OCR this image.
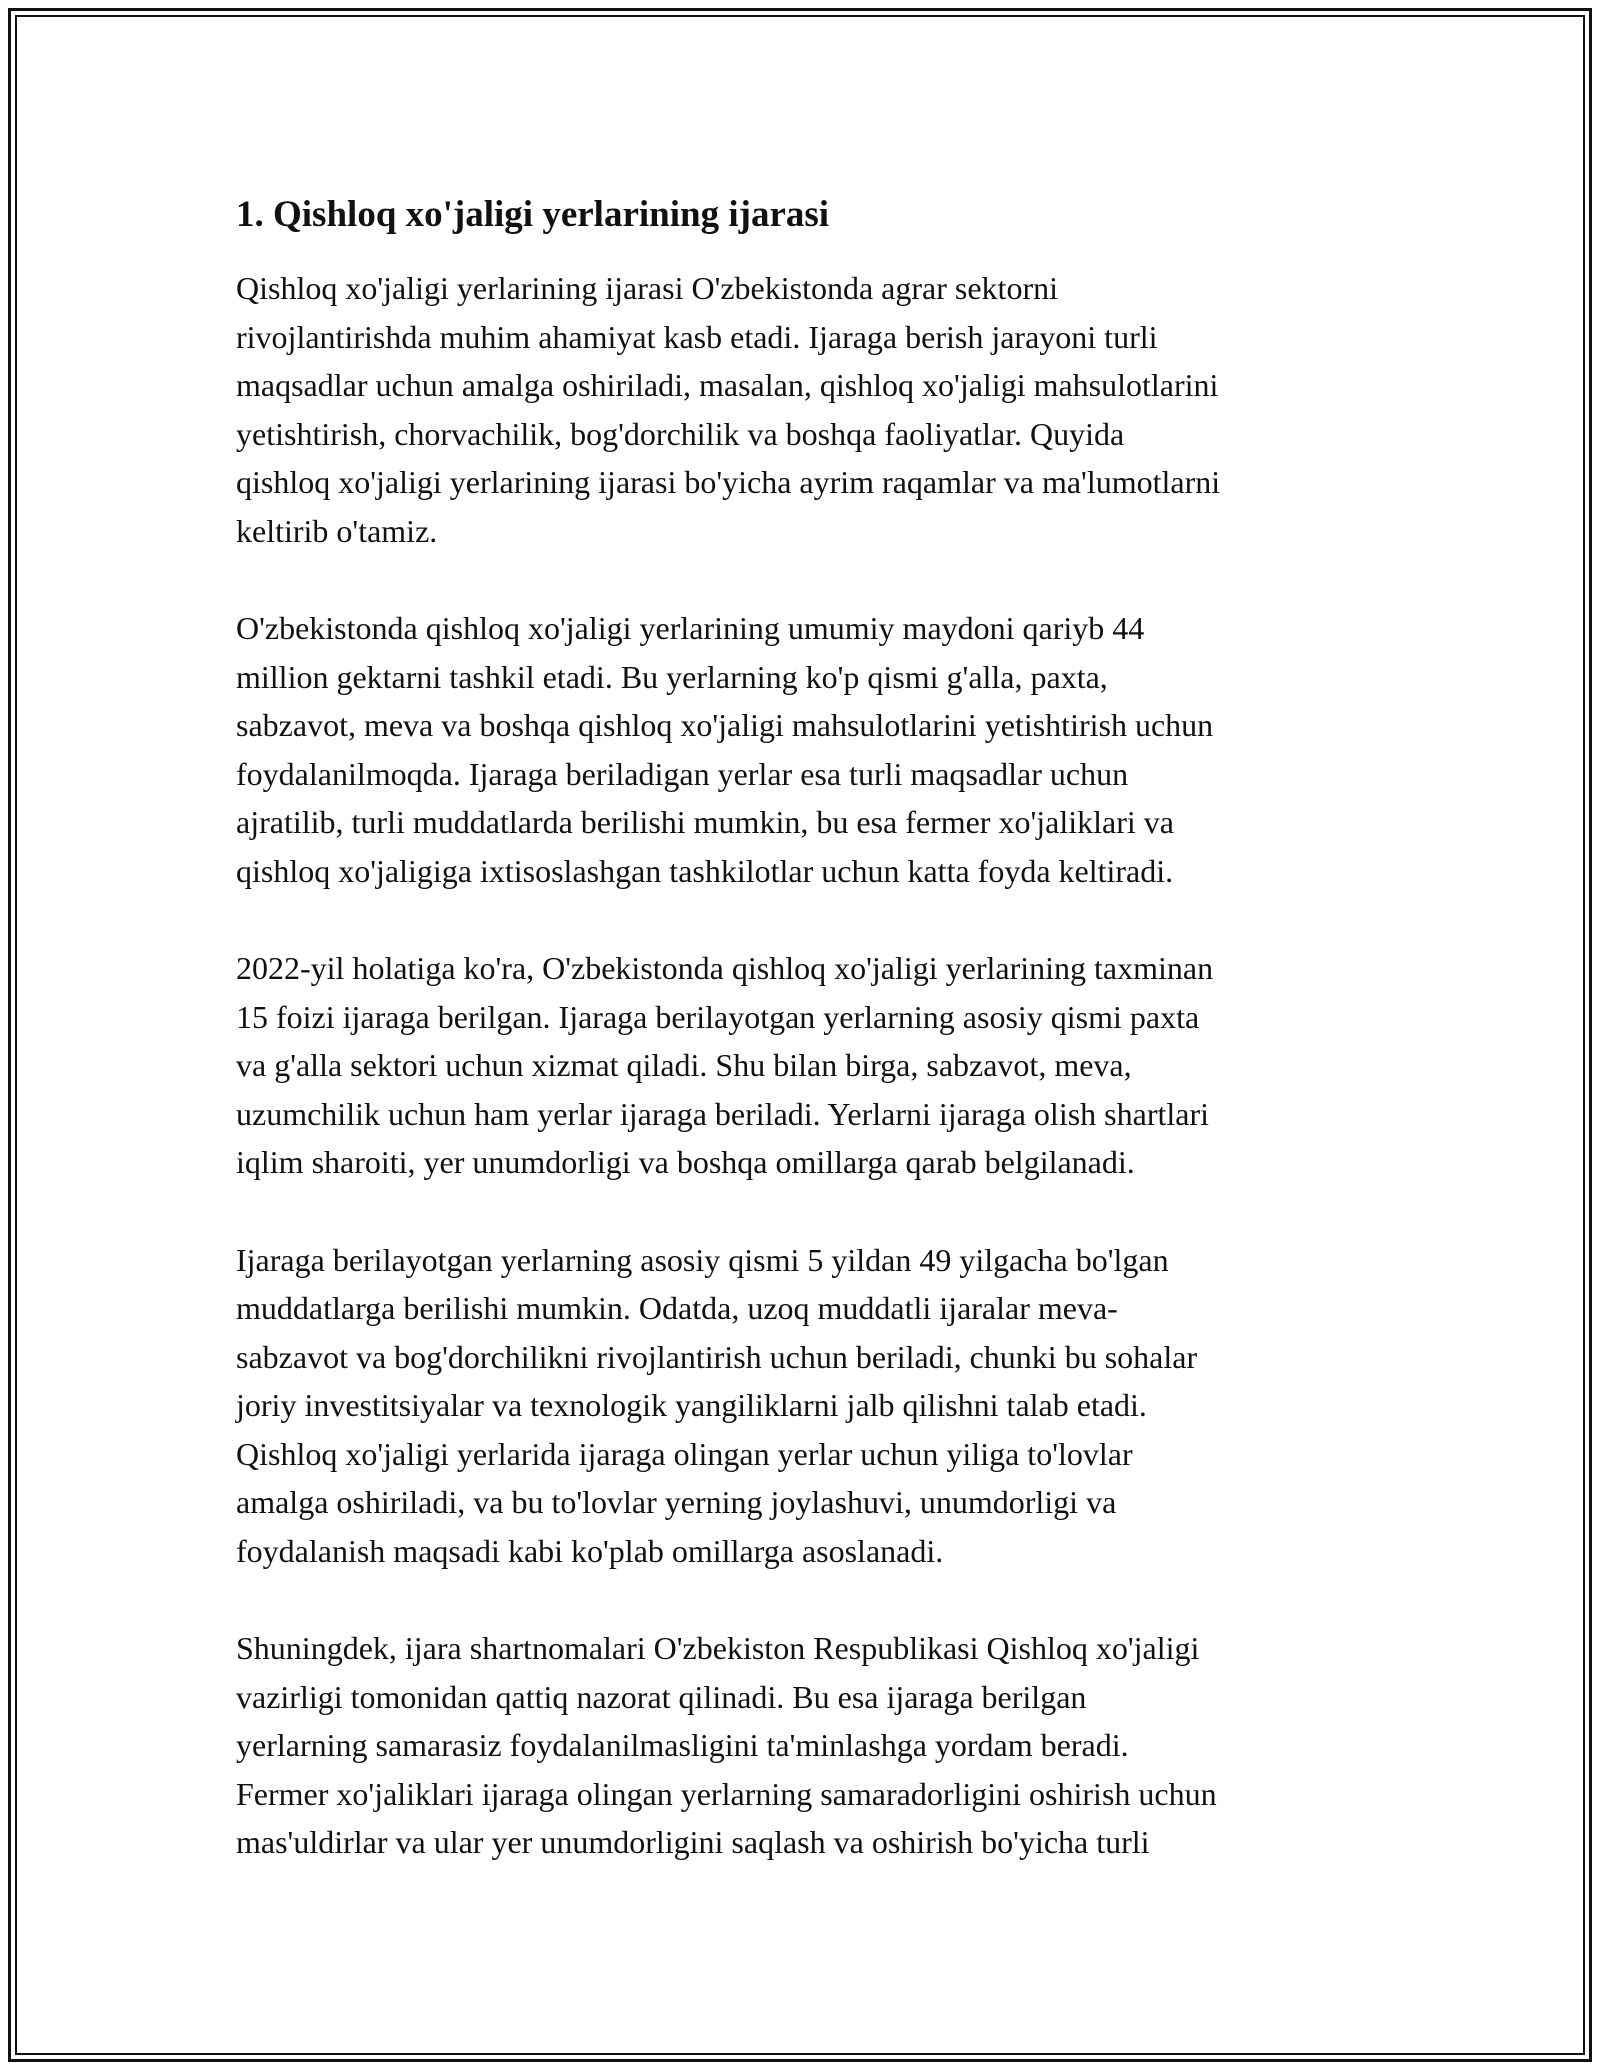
1. Qishloq xo'jaligi yerlarining ijarasi

Qishloq xo'jaligi yerlarining ijarasi O'zbekistonda agrar sektorni
rivojlantirishda muhim ahamiyat kasb etadi. Ijaraga berish jarayoni turli
maqsadlar uchun amalga oshiriladi, masalan, qishloq xo'jaligi mahsulotlarini
yetishtirish, chorvachilik, bog'dorchilik va boshqa faoliyatlar. Quyida
qishloq xo'jaligi yerlarining ijarasi bo'yicha ayrim raqamlar va ma'lumotlarni
keltirib o'tamiz.

O'zbekistonda qishloq xo'jaligi yerlarining umumiy maydoni qariyb 44
million gektarni tashkil etadi. Bu yerlarning ko'p qismi g'alla, paxta,
sabzavot, meva va boshqa qishloq xo'jaligi mahsulotlarini yetishtirish uchun
foydalanilmoqda. Ijaraga beriladigan yerlar esa turli maqsadlar uchun
ajratilib, turli muddatlarda berilishi mumkin, bu esa fermer xo'jaliklari va
qishloq xo'jaligiga ixtisoslashgan tashkilotlar uchun katta foyda keltiradi.

2022-yil holatiga ko'ra, O'zbekistonda qishloq xo'jaligi yerlarining taxminan
15 foizi ijaraga berilgan. Ijaraga berilayotgan yerlarning asosiy qismi paxta
va g'alla sektori uchun xizmat qiladi. Shu bilan birga, sabzavot, meva,
uzumchilik uchun ham yerlar ijaraga beriladi. Yerlarni ijaraga olish shartlari
iqlim sharoiti, yer unumdorligi va boshqa omillarga qarab belgilanadi.

Ijaraga berilayotgan yerlarning asosiy qismi 5 yildan 49 yilgacha bo'lgan
muddatlarga berilishi mumkin. Odatda, uzoq muddatli ijaralar meva-
sabzavot va bog'dorchilikni rivojlantirish uchun beriladi, chunki bu sohalar
joriy investitsiyalar va texnologik yangiliklarni jalb qilishni talab etadi.
Qishloq xo'jaligi yerlarida ijaraga olingan yerlar uchun yiliga to'lovlar
amalga oshiriladi, va bu to'lovlar yerning joylashuvi, unumdorligi va
foydalanish maqsadi kabi ko'plab omillarga asoslanadi.

Shuningdek, ijara shartnomalari O'zbekiston Respublikasi Qishloq xo'jaligi
vazirligi tomonidan qattiq nazorat qilinadi. Bu esa ijaraga berilgan
yerlarning samarasiz foydalanilmasligini ta'minlashga yordam beradi.
Fermer xo'jaliklari ijaraga olingan yerlarning samaradorligini oshirish uchun
mas'uldirlar va ular yer unumdorligini saqlash va oshirish bo'yicha turli
